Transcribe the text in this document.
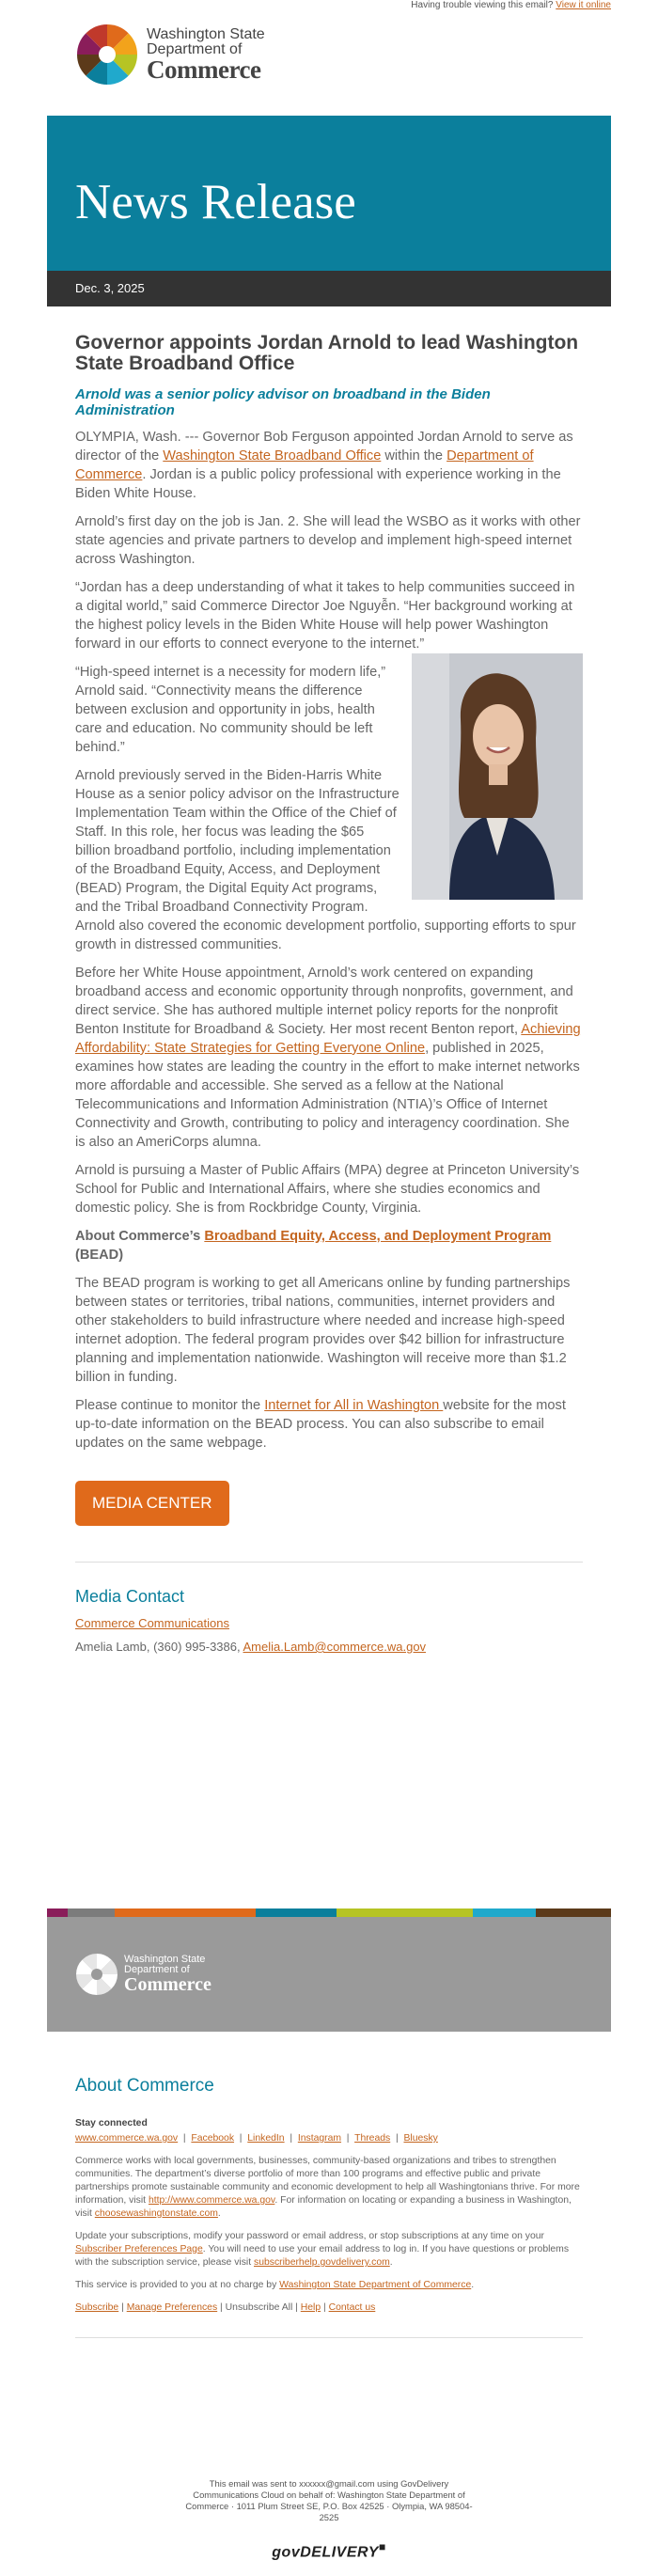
Having trouble viewing this email? View it online
Washington State
Department of
Commerce
News Release
Dec. 3, 2025
Governor appoints Jordan Arnold to lead Washington State Broadband Office

Arnold was a senior policy advisor on broadband in the Biden Administration

OLYMPIA, Wash. --- Governor Bob Ferguson appointed Jordan Arnold to serve as director of the Washington State Broadband Office within the Department of Commerce. Jordan is a public policy professional with experience working in the Biden White House.

Arnold’s first day on the job is Jan. 2. She will lead the WSBO as it works with other state agencies and private partners to develop and implement high-speed internet across Washington.

“Jordan has a deep understanding of what it takes to help communities succeed in a digital world,” said Commerce Director Joe Nguyễn. “Her background working at the highest policy levels in the Biden White House will help power Washington forward in our efforts to connect everyone to the internet.”

“High-speed internet is a necessity for modern life,” Arnold said. “Connectivity means the difference between exclusion and opportunity in jobs, health care and education. No community should be left behind.”

Arnold previously served in the Biden-Harris White House as a senior policy advisor on the Infrastructure Implementation Team within the Office of the Chief of Staff. In this role, her focus was leading the $65 billion broadband portfolio, including implementation of the Broadband Equity, Access, and Deployment (BEAD) Program, the Digital Equity Act programs, and the Tribal Broadband Connectivity Program. Arnold also covered the economic development portfolio, supporting efforts to spur growth in distressed communities.

Before her White House appointment, Arnold’s work centered on expanding broadband access and economic opportunity through nonprofits, government, and direct service. She has authored multiple internet policy reports for the nonprofit Benton Institute for Broadband & Society. Her most recent Benton report, Achieving Affordability: State Strategies for Getting Everyone Online, published in 2025, examines how states are leading the country in the effort to make internet networks more affordable and accessible. She served as a fellow at the National Telecommunications and Information Administration (NTIA)’s Office of Internet Connectivity and Growth, contributing to policy and interagency coordination. She is also an AmeriCorps alumna.

Arnold is pursuing a Master of Public Affairs (MPA) degree at Princeton University’s School for Public and International Affairs, where she studies economics and domestic policy. She is from Rockbridge County, Virginia.

About Commerce’s Broadband Equity, Access, and Deployment Program (BEAD)

The BEAD program is working to get all Americans online by funding partnerships between states or territories, tribal nations, communities, internet providers and other stakeholders to build infrastructure where needed and increase high-speed internet adoption. The federal program provides over $42 billion for infrastructure planning and implementation nationwide. Washington will receive more than $1.2 billion in funding.

Please continue to monitor the Internet for All in Washington website for the most up-to-date information on the BEAD process. You can also subscribe to email updates on the same webpage.

MEDIA CENTER
Media Contact
Commerce Communications
Amelia Lamb, (360) 995-3386, Amelia.Lamb@commerce.wa.gov
Washington State
Department of
Commerce
About Commerce
Stay connected
www.commerce.wa.gov  |  Facebook  |  LinkedIn  |  Instagram  |  Threads  |  Bluesky

Commerce works with local governments, businesses, community-based organizations and tribes to strengthen communities. The department’s diverse portfolio of more than 100 programs and effective public and private partnerships promote sustainable community and economic development to help all Washingtonians thrive. For more information, visit http://www.commerce.wa.gov. For information on locating or expanding a business in Washington, visit choosewashingtonstate.com.

Update your subscriptions, modify your password or email address, or stop subscriptions at any time on your Subscriber Preferences Page. You will need to use your email address to log in. If you have questions or problems with the subscription service, please visit subscriberhelp.govdelivery.com.

This service is provided to you at no charge by Washington State Department of Commerce.

Subscribe | Manage Preferences | Unsubscribe All | Help | Contact us

This email was sent to xxxxxx@gmail.com using GovDelivery
Communications Cloud on behalf of: Washington State Department of
Commerce · 1011 Plum Street SE, P.O. Box 42525 · Olympia, WA 98504-
2525
govDELIVERY■
